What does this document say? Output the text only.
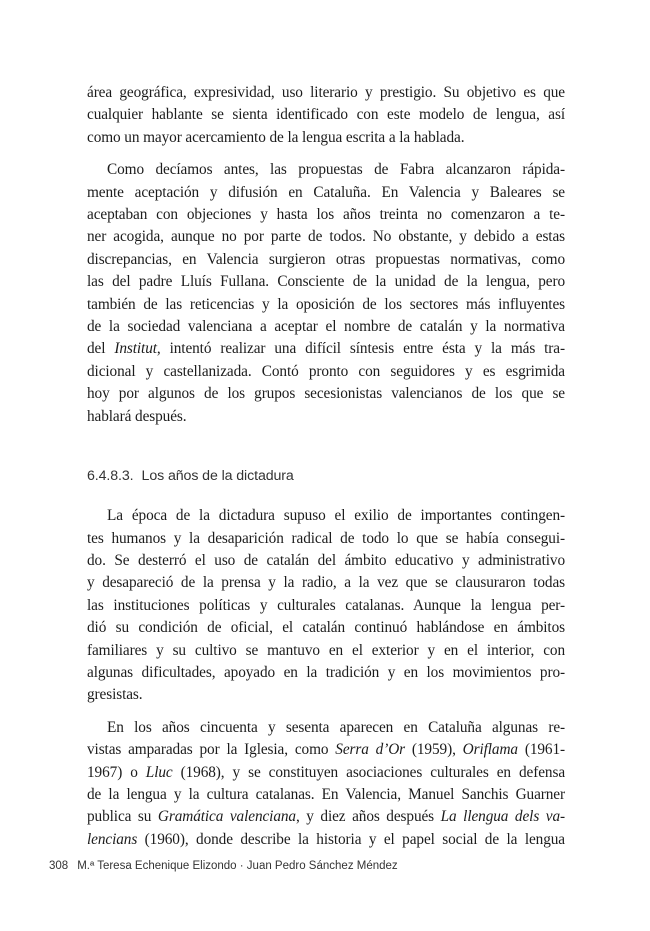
área geográfica, expresividad, uso literario y prestigio. Su objetivo es que
cualquier hablante se sienta identificado con este modelo de lengua, así
como un mayor acercamiento de la lengua escrita a la hablada.

Como decíamos antes, las propuestas de Fabra alcanzaron rápida-
mente aceptación y difusión en Cataluña. En Valencia y Baleares se
aceptaban con objeciones y hasta los años treinta no comenzaron a te-
ner acogida, aunque no por parte de todos. No obstante, y debido a estas
discrepancias, en Valencia surgieron otras propuestas normativas, como
las del padre Lluís Fullana. Consciente de la unidad de la lengua, pero
también de las reticencias y la oposición de los sectores más influyentes
de la sociedad valenciana a aceptar el nombre de catalán y la normativa
del Institut, intentó realizar una difícil síntesis entre ésta y la más tra-
dicional y castellanizada. Contó pronto con seguidores y es esgrimida
hoy por algunos de los grupos secesionistas valencianos de los que se
hablará después.

6.4.8.3. Los años de la dictadura

La época de la dictadura supuso el exilio de importantes contingen-
tes humanos y la desaparición radical de todo lo que se había consegui-
do. Se desterró el uso de catalán del ámbito educativo y administrativo
y desapareció de la prensa y la radio, a la vez que se clausuraron todas
las instituciones políticas y culturales catalanas. Aunque la lengua per-
dió su condición de oficial, el catalán continuó hablándose en ámbitos
familiares y su cultivo se mantuvo en el exterior y en el interior, con
algunas dificultades, apoyado en la tradición y en los movimientos pro-
gresistas.

En los años cincuenta y sesenta aparecen en Cataluña algunas re-
vistas amparadas por la Iglesia, como Serra d’Or (1959), Oriflama (1961-
1967) o Lluc (1968), y se constituyen asociaciones culturales en defensa
de la lengua y la cultura catalanas. En Valencia, Manuel Sanchis Guarner
publica su Gramática valenciana, y diez años después La llengua dels va-
lencians (1960), donde describe la historia y el papel social de la lengua

308 M.ª Teresa Echenique Elizondo · Juan Pedro Sánchez Méndez
